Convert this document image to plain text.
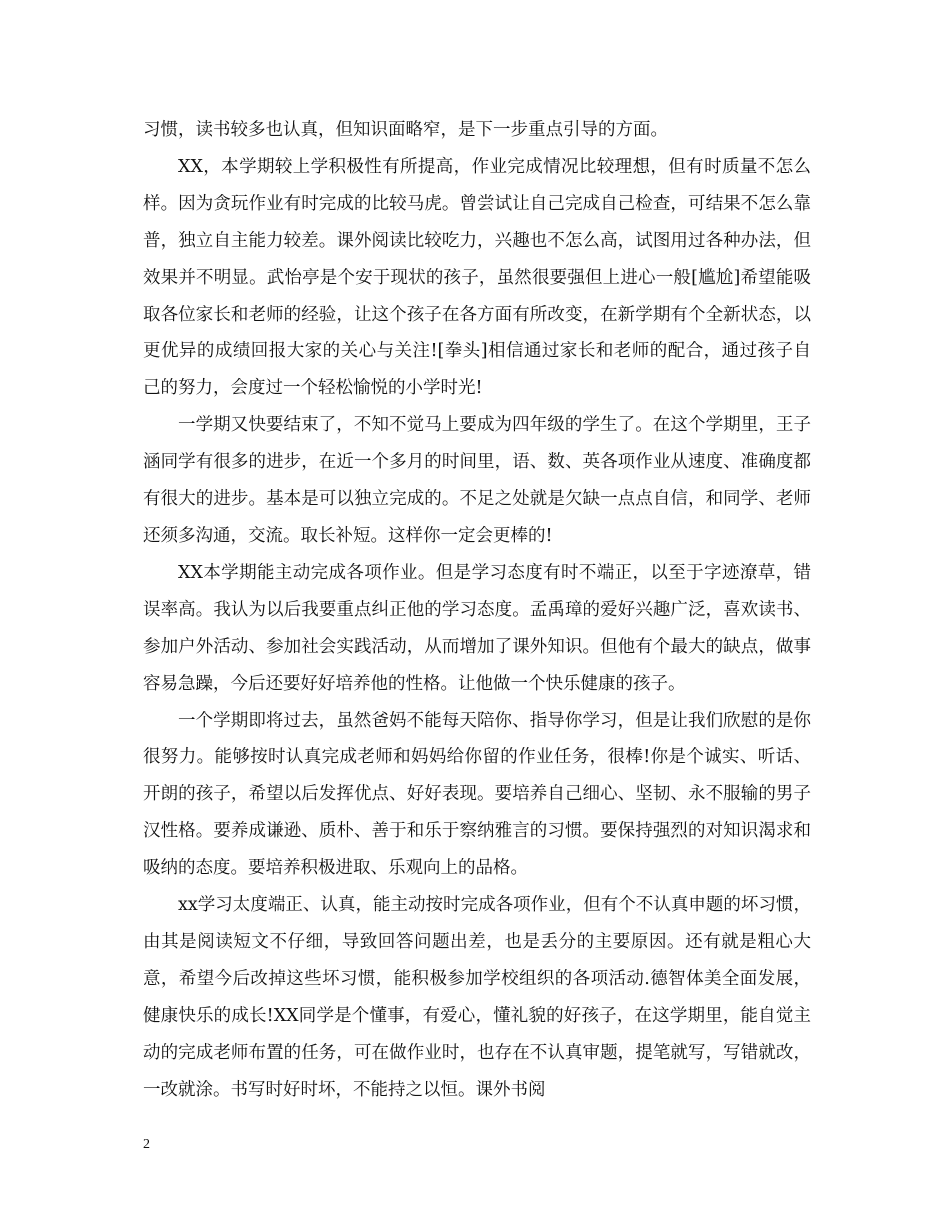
习惯，读书较多也认真，但知识面略窄，是下一步重点引导的方面。

XX，本学期较上学积极性有所提高，作业完成情况比较理想，但有时质量不怎么样。因为贪玩作业有时完成的比较马虎。曾尝试让自己完成自己检查，可结果不怎么靠普，独立自主能力较差。课外阅读比较吃力，兴趣也不怎么高，试图用过各种办法，但效果并不明显。武怡亭是个安于现状的孩子，虽然很要强但上进心一般[尴尬]希望能吸取各位家长和老师的经验，让这个孩子在各方面有所改变，在新学期有个全新状态，以更优异的成绩回报大家的关心与关注![拳头]相信通过家长和老师的配合，通过孩子自己的努力，会度过一个轻松愉悦的小学时光!

一学期又快要结束了，不知不觉马上要成为四年级的学生了。在这个学期里，王子涵同学有很多的进步，在近一个多月的时间里，语、数、英各项作业从速度、准确度都有很大的进步。基本是可以独立完成的。不足之处就是欠缺一点点自信，和同学、老师还须多沟通，交流。取长补短。这样你一定会更棒的!

XX本学期能主动完成各项作业。但是学习态度有时不端正，以至于字迹潦草，错误率高。我认为以后我要重点纠正他的学习态度。孟禹璋的爱好兴趣广泛，喜欢读书、参加户外活动、参加社会实践活动，从而增加了课外知识。但他有个最大的缺点，做事容易急躁，今后还要好好培养他的性格。让他做一个快乐健康的孩子。

一个学期即将过去，虽然爸妈不能每天陪你、指导你学习，但是让我们欣慰的是你很努力。能够按时认真完成老师和妈妈给你留的作业任务，很棒!你是个诚实、听话、开朗的孩子，希望以后发挥优点、好好表现。要培养自己细心、坚韧、永不服输的男子汉性格。要养成谦逊、质朴、善于和乐于察纳雅言的习惯。要保持强烈的对知识渴求和吸纳的态度。要培养积极进取、乐观向上的品格。

xx学习太度端正、认真，能主动按时完成各项作业，但有个不认真申题的坏习惯，由其是阅读短文不仔细，导致回答问题出差，也是丢分的主要原因。还有就是粗心大意，希望今后改掉这些坏习惯，能积极参加学校组织的各项活动.德智体美全面发展，健康快乐的成长!XX同学是个懂事，有爱心，懂礼貌的好孩子，在这学期里，能自觉主动的完成老师布置的任务，可在做作业时，也存在不认真审题，提笔就写，写错就改，一改就涂。书写时好时坏，不能持之以恒。课外书阅

2
